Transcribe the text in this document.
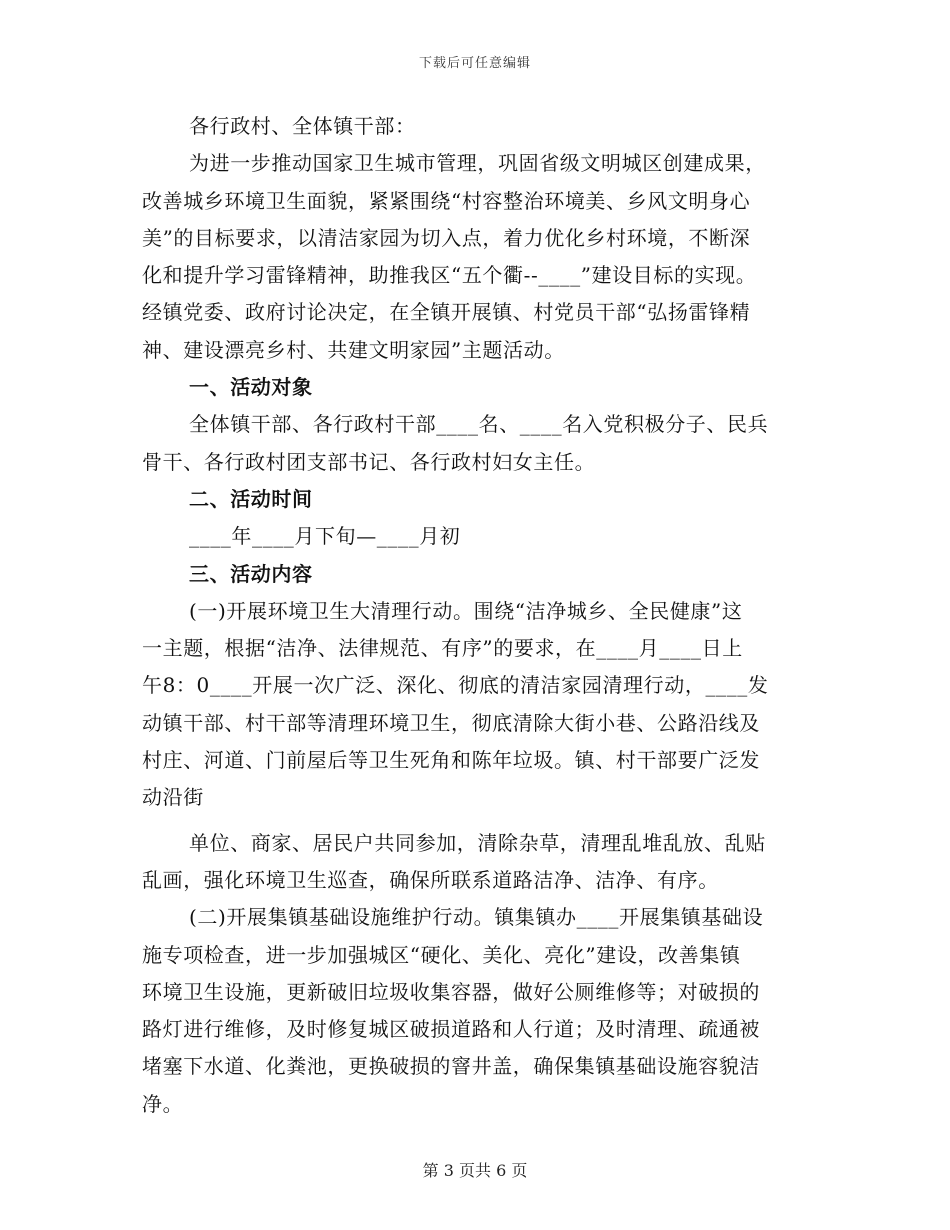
下载后可任意编辑
各行政村、全体镇干部：
为进一步推动国家卫生城市管理，巩固省级文明城区创建成果，
改善城乡环境卫生面貌，紧紧围绕“村容整治环境美、乡风文明身心
美”的目标要求，以清洁家园为切入点，着力优化乡村环境，不断深
化和提升学习雷锋精神，助推我区“五个衢--____”建设目标的实现。
经镇党委、政府讨论决定，在全镇开展镇、村党员干部“弘扬雷锋精
神、建设漂亮乡村、共建文明家园”主题活动。
一、活动对象
全体镇干部、各行政村干部____名、____名入党积极分子、民兵
骨干、各行政村团支部书记、各行政村妇女主任。
二、活动时间
____年____月下旬—____月初
三、活动内容
(一)开展环境卫生大清理行动。围绕“洁净城乡、全民健康”这
一主题，根据“洁净、法律规范、有序”的要求，在____月____日上
午8：0____开展一次广泛、深化、彻底的清洁家园清理行动，____发
动镇干部、村干部等清理环境卫生，彻底清除大街小巷、公路沿线及
村庄、河道、门前屋后等卫生死角和陈年垃圾。镇、村干部要广泛发
动沿街
单位、商家、居民户共同参加，清除杂草，清理乱堆乱放、乱贴
乱画，强化环境卫生巡查，确保所联系道路洁净、洁净、有序。
(二)开展集镇基础设施维护行动。镇集镇办____开展集镇基础设
施专项检查，进一步加强城区“硬化、美化、亮化”建设，改善集镇
环境卫生设施，更新破旧垃圾收集容器，做好公厕维修等；对破损的
路灯进行维修，及时修复城区破损道路和人行道；及时清理、疏通被
堵塞下水道、化粪池，更换破损的窨井盖，确保集镇基础设施容貌洁
净。
第 3 页共 6 页
